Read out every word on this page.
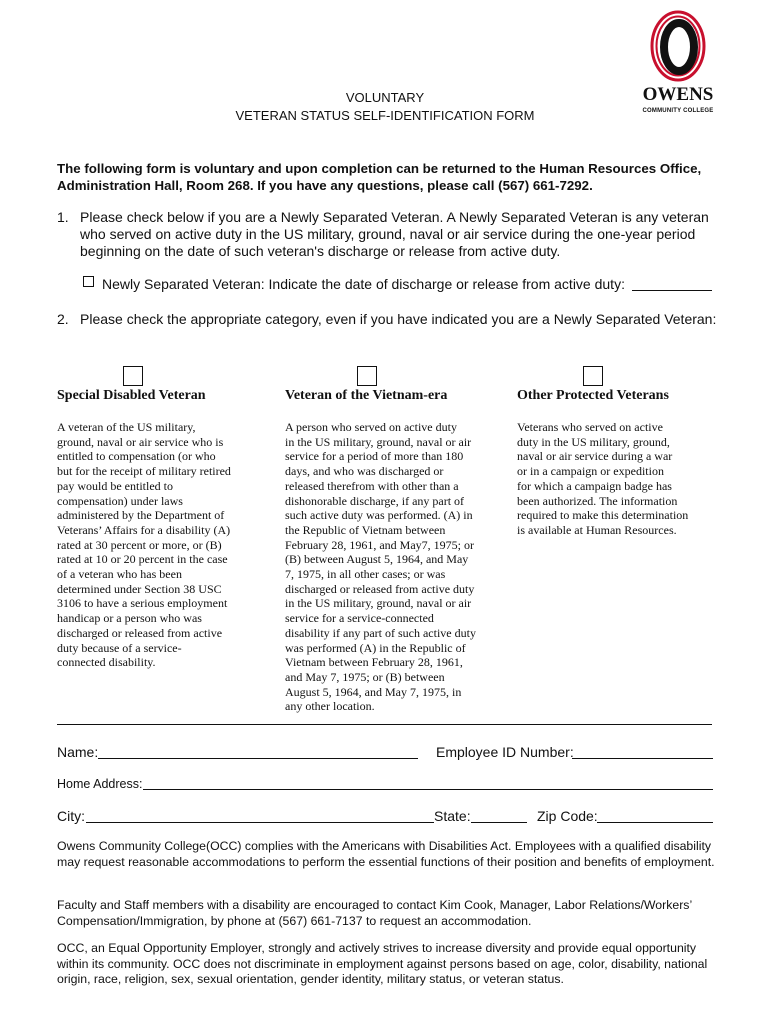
OWENS
COMMUNITY COLLEGE
VOLUNTARY
VETERAN STATUS SELF-IDENTIFICATION FORM
The following form is voluntary and upon completion can be returned to the Human Resources Office, Administration Hall, Room 268. If you have any questions, please call (567) 661-7292.
1. Please check below if you are a Newly Separated Veteran. A Newly Separated Veteran is any veteran who served on active duty in the US military, ground, naval or air service during the one-year period beginning on the date of such veteran's discharge or release from active duty.
Newly Separated Veteran: Indicate the date of discharge or release from active duty:
2. Please check the appropriate category, even if you have indicated you are a Newly Separated Veteran:
Special Disabled Veteran	Veteran of the Vietnam-era	Other Protected Veterans
A veteran of the US military,
ground, naval or air service who is
entitled to compensation (or who
but for the receipt of military retired
pay would be entitled to
compensation) under laws
administered by the Department of
Veterans’ Affairs for a disability (A)
rated at 30 percent or more, or (B)
rated at 10 or 20 percent in the case
of a veteran who has been
determined under Section 38 USC
3106 to have a serious employment
handicap or a person who was
discharged or released from active
duty because of a service-
connected disability.
A person who served on active duty
in the US military, ground, naval or air
service for a period of more than 180
days, and who was discharged or
released therefrom with other than a
dishonorable discharge, if any part of
such active duty was performed. (A) in
the Republic of Vietnam between
February 28, 1961, and May7, 1975; or
(B) between August 5, 1964, and May
7, 1975, in all other cases; or was
discharged or released from active duty
in the US military, ground, naval or air
service for a service-connected
disability if any part of such active duty
was performed (A) in the Republic of
Vietnam between February 28, 1961,
and May 7, 1975; or (B) between
August 5, 1964, and May 7, 1975, in
any other location.
Veterans who served on active
duty in the US military, ground,
naval or air service during a war
or in a campaign or expedition
for which a campaign badge has
been authorized. The information
required to make this determination
is available at Human Resources.
Name:	Employee ID Number:
Home Address:
City:	State:	Zip Code:
Owens Community College(OCC) complies with the Americans with Disabilities Act. Employees with a qualified disability may request reasonable accommodations to perform the essential functions of their position and benefits of employment.
Faculty and Staff members with a disability are encouraged to contact Kim Cook, Manager, Labor Relations/Workers’ Compensation/Immigration, by phone at (567) 661-7137 to request an accommodation.
OCC, an Equal Opportunity Employer, strongly and actively strives to increase diversity and provide equal opportunity within its community. OCC does not discriminate in employment against persons based on age, color, disability, national origin, race, religion, sex, sexual orientation, gender identity, military status, or veteran status.
